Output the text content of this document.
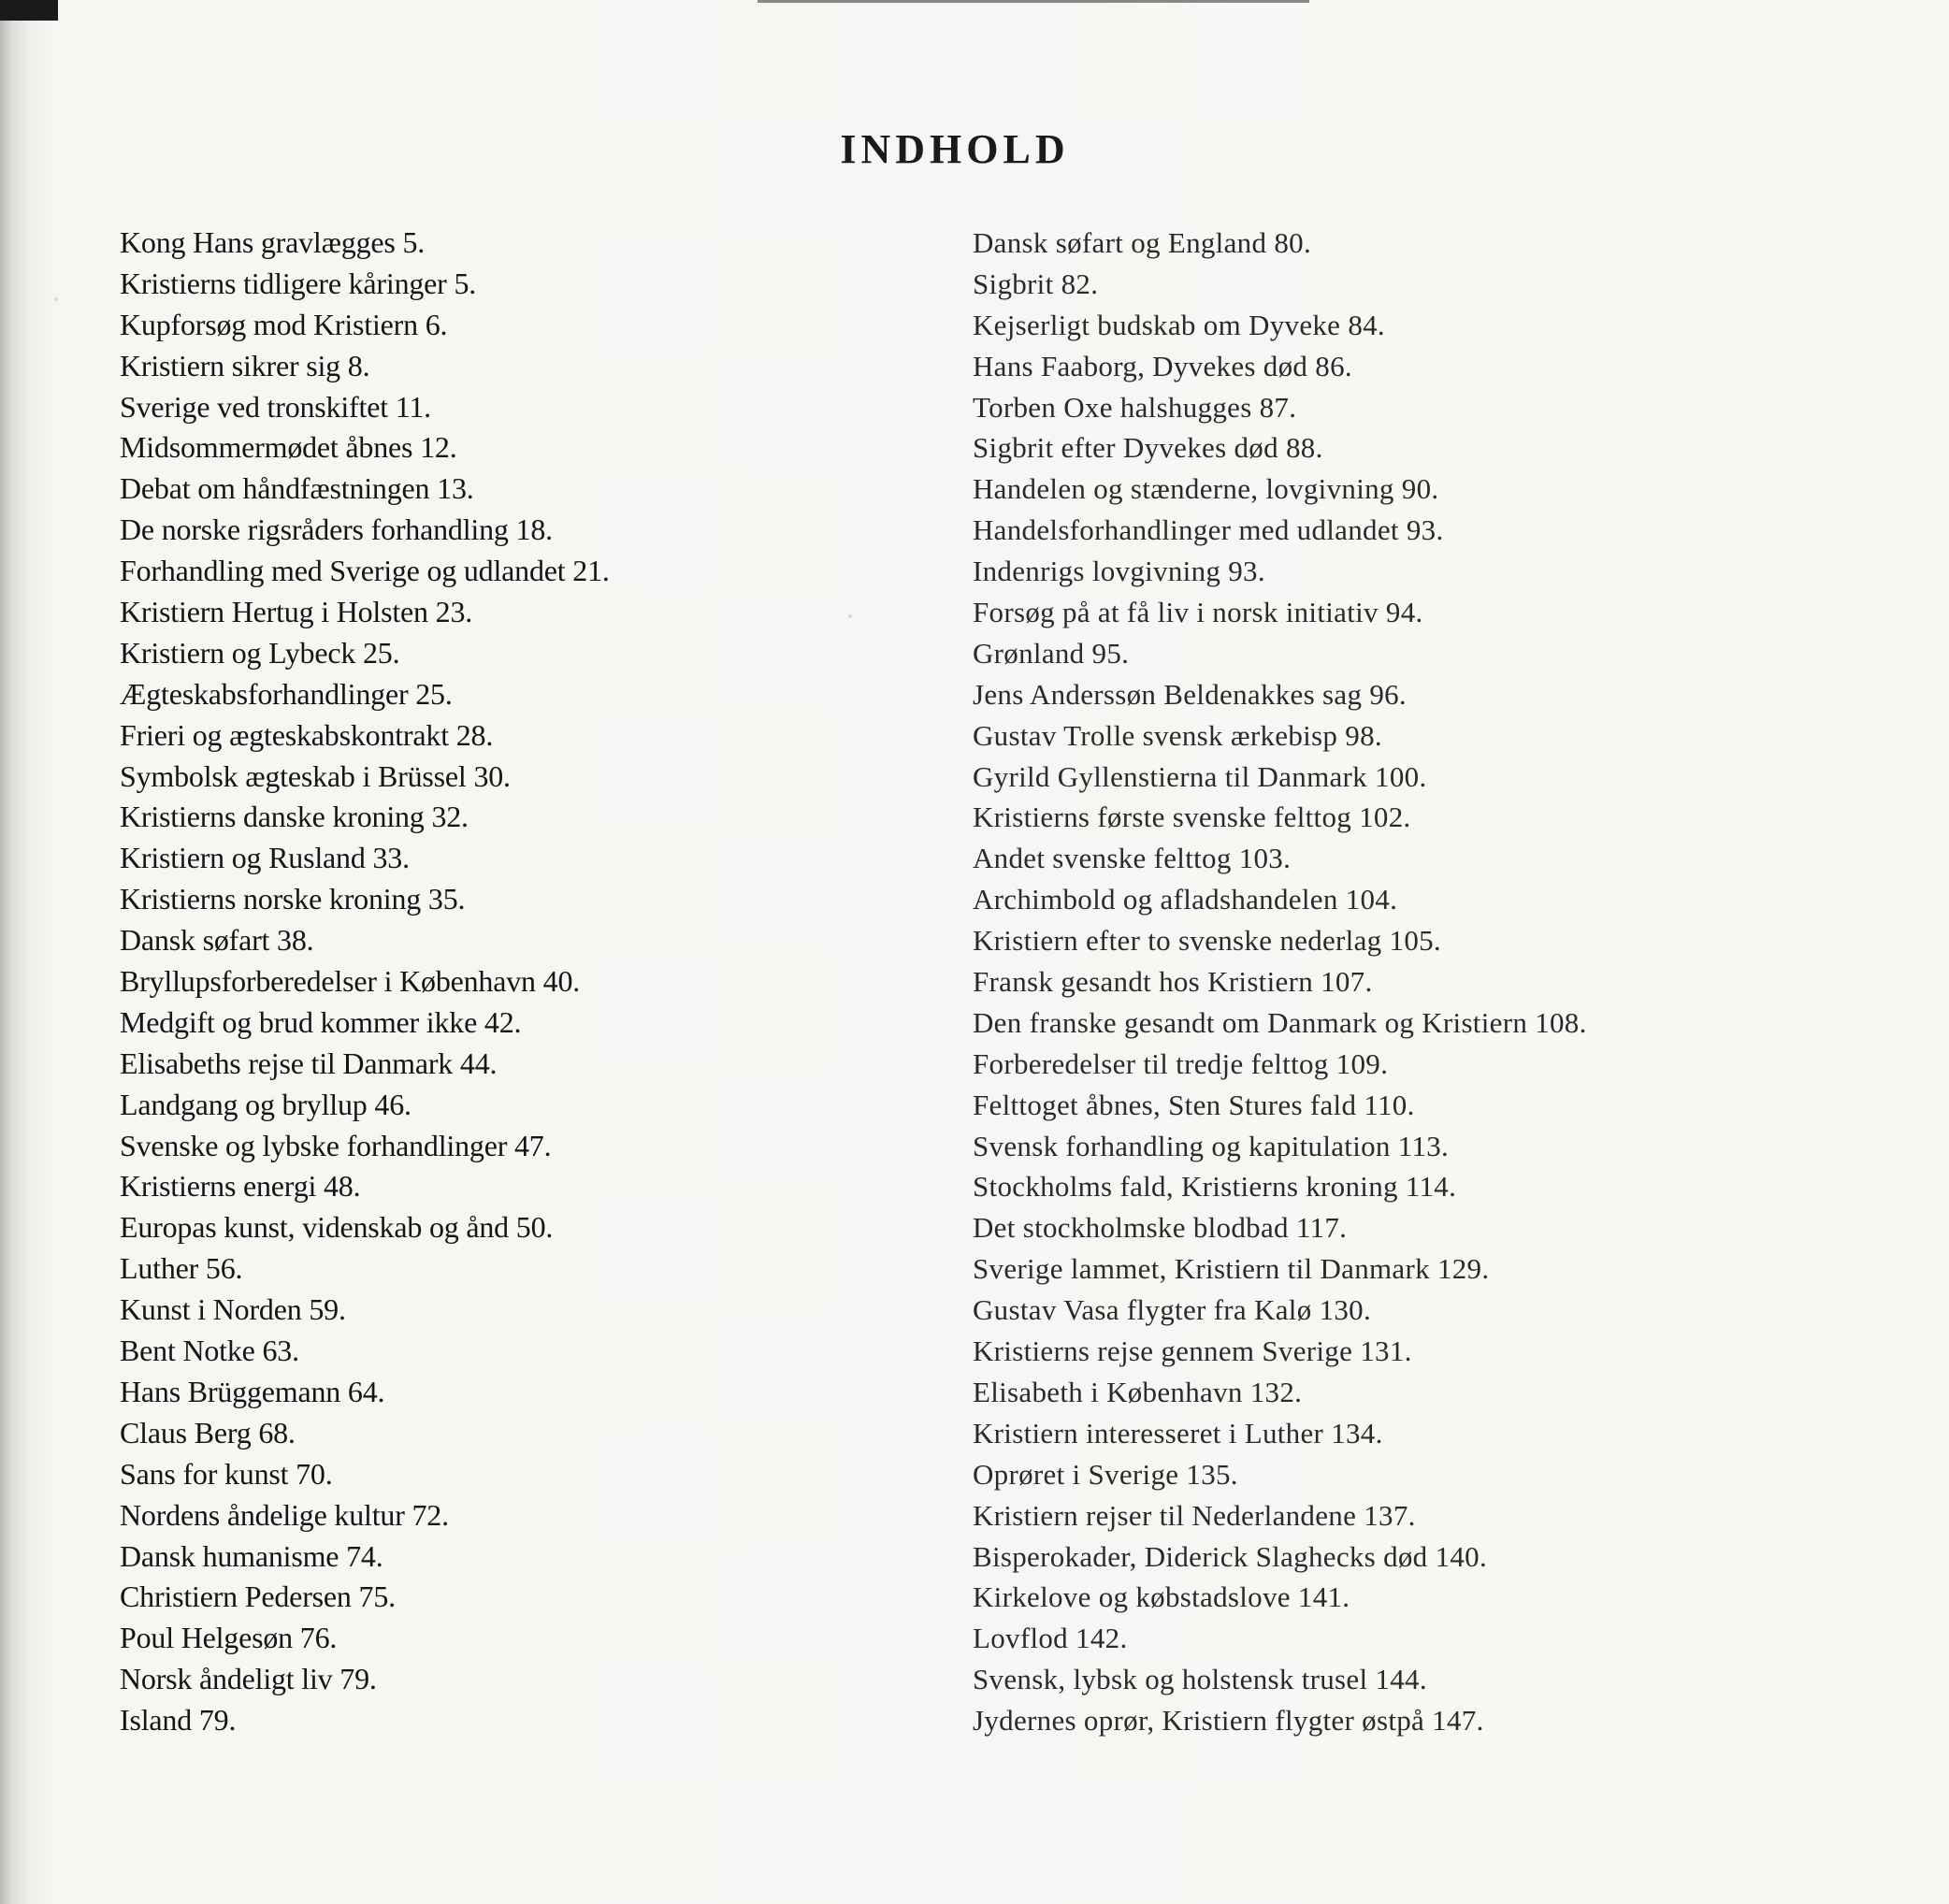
INDHOLD
Kong Hans gravlægges 5 .
Kristierns tidligere kåringer 5 .
Kupforsøg mod Kristiern 6 .
Kristiern sikrer sig 8 .
Sverige ved tronskiftet 11 .
Midsommermødet åbnes 12 .
Debat om håndfæstningen 13 .
De norske rigsråders forhandling 18 .
Forhandling med Sverige og udlandet 21 .
Kristiern Hertug i Holsten 23 .
Kristiern og Lybeck 25 .
Ægteskabsforhandlinger 25 .
Frieri og ægteskabskontrakt 28 .
Symbolsk ægteskab i Brüssel 30 .
Kristierns danske kroning 32 .
Kristiern og Rusland 33 .
Kristierns norske kroning 35 .
Dansk søfart 38 .
Bryllupsforberedelser i København 40 .
Medgift og brud kommer ikke 42 .
Elisabeths rejse til Danmark 44 .
Landgang og bryllup 46 .
Svenske og lybske forhandlinger 47 .
Kristierns energi 48 .
Europas kunst, videnskab og ånd 50 .
Luther 56 .
Kunst i Norden 59 .
Bent Notke 63 .
Hans Brüggemann 64 .
Claus Berg 68 .
Sans for kunst 70 .
Nordens åndelige kultur 72 .
Dansk humanisme 74 .
Christiern Pedersen 75 .
Poul Helgesøn 76 .
Norsk åndeligt liv 79 .
Island 79 .
Dansk søfart og England 80 .
Sigbrit 82 .
Kejserligt budskab om Dyveke 84 .
Hans Faaborg, Dyvekes død 86 .
Torben Oxe halshugges 87 .
Sigbrit efter Dyvekes død 88 .
Handelen og stænderne, lovgivning 90 .
Handelsforhandlinger med udlandet 93 .
Indenrigs lovgivning 93 .
Forsøg på at få liv i norsk initiativ 94 .
Grønland 95 .
Jens Anderssøn Beldenakkes sag 96 .
Gustav Trolle svensk ærkebisp 98 .
Gyrild Gyllenstierna til Danmark 100 .
Kristierns første svenske felttog 102 .
Andet svenske felttog 103 .
Archimbold og afladshandelen 104 .
Kristiern efter to svenske nederlag 105 .
Fransk gesandt hos Kristiern 107 .
Den franske gesandt om Danmark og Kristiern 108 .
Forberedelser til tredje felttog 109 .
Felttoget åbnes, Sten Stures fald 110 .
Svensk forhandling og kapitulation 113 .
Stockholms fald, Kristierns kroning 114 .
Det stockholmske blodbad 117 .
Sverige lammet, Kristiern til Danmark 129 .
Gustav Vasa flygter fra Kalø 130 .
Kristierns rejse gennem Sverige 131 .
Elisabeth i København 132 .
Kristiern interesseret i Luther 134 .
Oprøret i Sverige 135 .
Kristiern rejser til Nederlandene 137 .
Bisperokader, Diderick Slaghecks død 140 .
Kirkelove og købstadslove 141 .
Lovflod 142 .
Svensk, lybsk og holstensk trusel 144 .
Jydernes oprør, Kristiern flygter østpå 147 .
